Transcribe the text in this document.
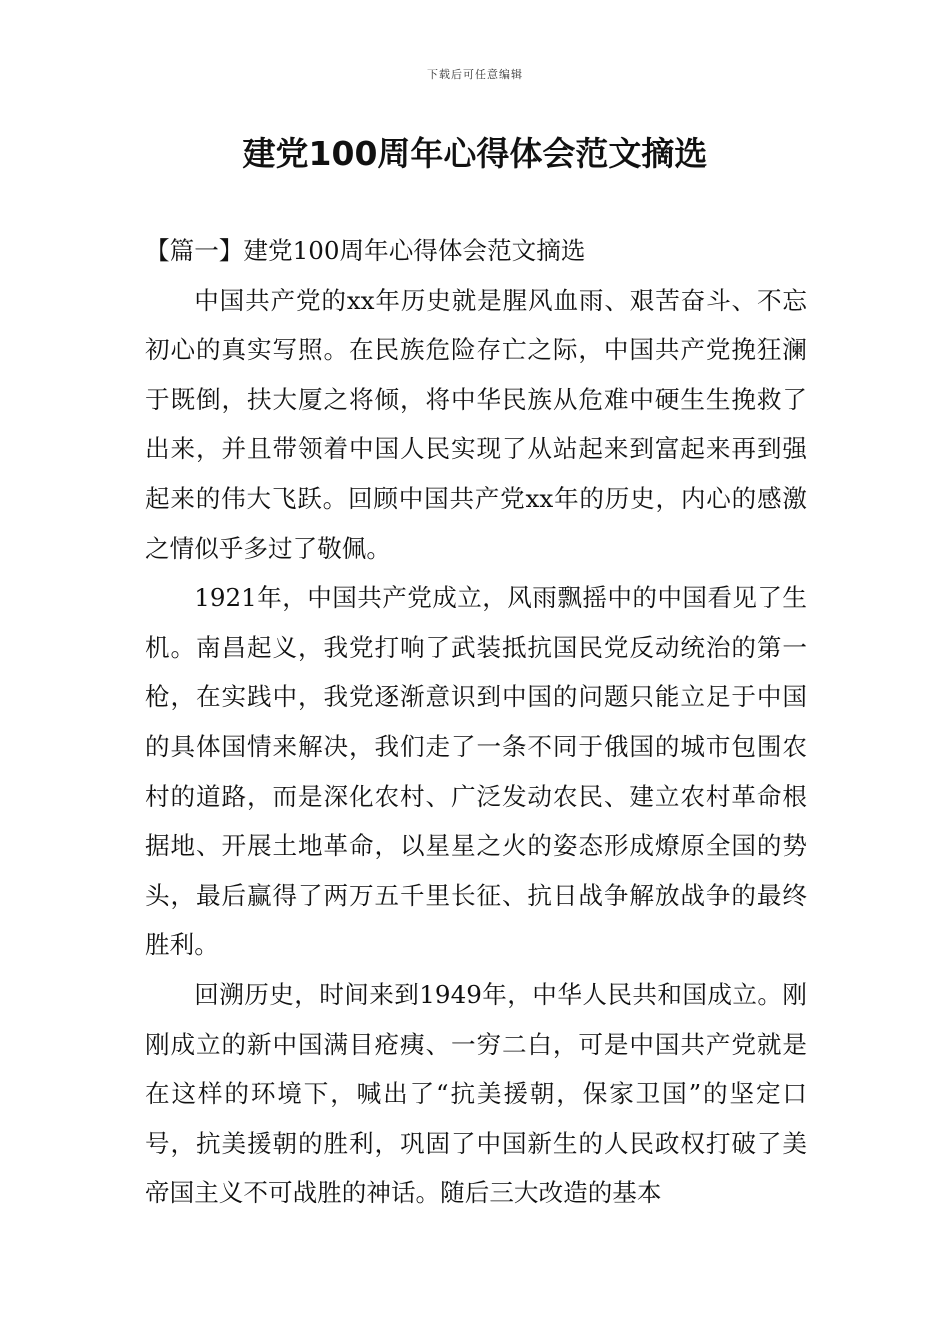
下载后可任意编辑
建党100周年心得体会范文摘选

【篇一】建党100周年心得体会范文摘选

中国共产党的xx年历史就是腥风血雨、艰苦奋斗、不忘初心的真实写照。在民族危险存亡之际，中国共产党挽狂澜于既倒，扶大厦之将倾，将中华民族从危难中硬生生挽救了出来，并且带领着中国人民实现了从站起来到富起来再到强起来的伟大飞跃。回顾中国共产党xx年的历史，内心的感激之情似乎多过了敬佩。

1921年，中国共产党成立，风雨飘摇中的中国看见了生机。南昌起义，我党打响了武装抵抗国民党反动统治的第一枪，在实践中，我党逐渐意识到中国的问题只能立足于中国的具体国情来解决，我们走了一条不同于俄国的城市包围农村的道路，而是深化农村、广泛发动农民、建立农村革命根据地、开展土地革命，以星星之火的姿态形成燎原全国的势头，最后赢得了两万五千里长征、抗日战争解放战争的最终胜利。

回溯历史，时间来到1949年，中华人民共和国成立。刚刚成立的新中国满目疮痍、一穷二白，可是中国共产党就是在这样的环境下，喊出了“抗美援朝，保家卫国”的坚定口号，抗美援朝的胜利，巩固了中国新生的人民政权打破了美帝国主义不可战胜的神话。随后三大改造的基本
